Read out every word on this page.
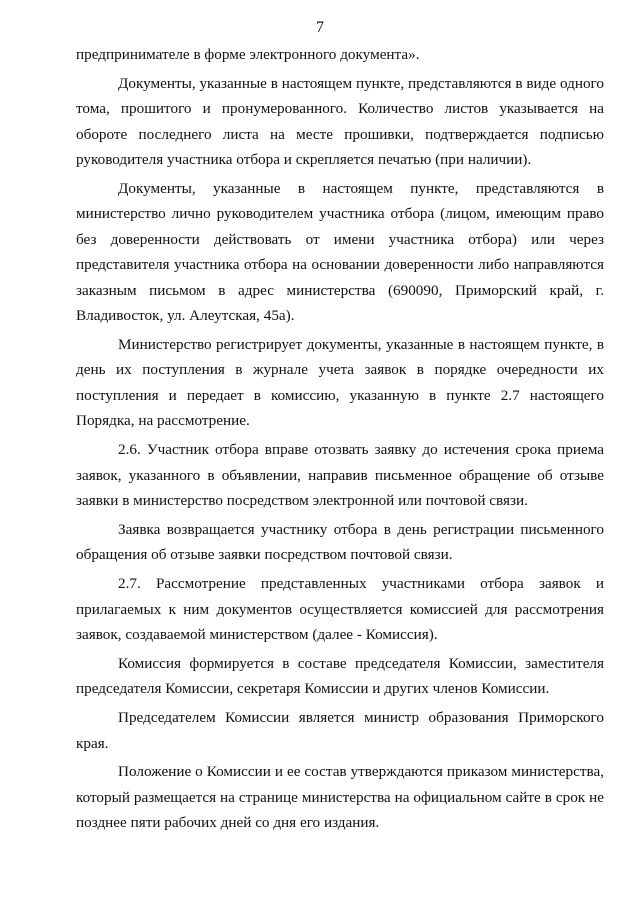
7

предпринимателе в форме электронного документа».

Документы, указанные в настоящем пункте, представляются в виде одного тома, прошитого и пронумерованного. Количество листов указывается на обороте последнего листа на месте прошивки, подтверждается подписью руководителя участника отбора и скрепляется печатью (при наличии).

Документы, указанные в настоящем пункте, представляются в министерство лично руководителем участника отбора (лицом, имеющим право без доверенности действовать от имени участника отбора) или через представителя участника отбора на основании доверенности либо направляются заказным письмом в адрес министерства (690090, Приморский край, г. Владивосток, ул. Алеутская, 45а).

Министерство регистрирует документы, указанные в настоящем пункте, в день их поступления в журнале учета заявок в порядке очередности их поступления и передает в комиссию, указанную в пункте 2.7 настоящего Порядка, на рассмотрение.

2.6. Участник отбора вправе отозвать заявку до истечения срока приема заявок, указанного в объявлении, направив письменное обращение об отзыве заявки в министерство посредством электронной или почтовой связи.

Заявка возвращается участнику отбора в день регистрации письменного обращения об отзыве заявки посредством почтовой связи.

2.7. Рассмотрение представленных участниками отбора заявок и прилагаемых к ним документов осуществляется комиссией для рассмотрения заявок, создаваемой министерством (далее - Комиссия).

Комиссия формируется в составе председателя Комиссии, заместителя председателя Комиссии, секретаря Комиссии и других членов Комиссии.

Председателем Комиссии является министр образования Приморского края.

Положение о Комиссии и ее состав утверждаются приказом министерства, который размещается на странице министерства на официальном сайте в срок не позднее пяти рабочих дней со дня его издания.
